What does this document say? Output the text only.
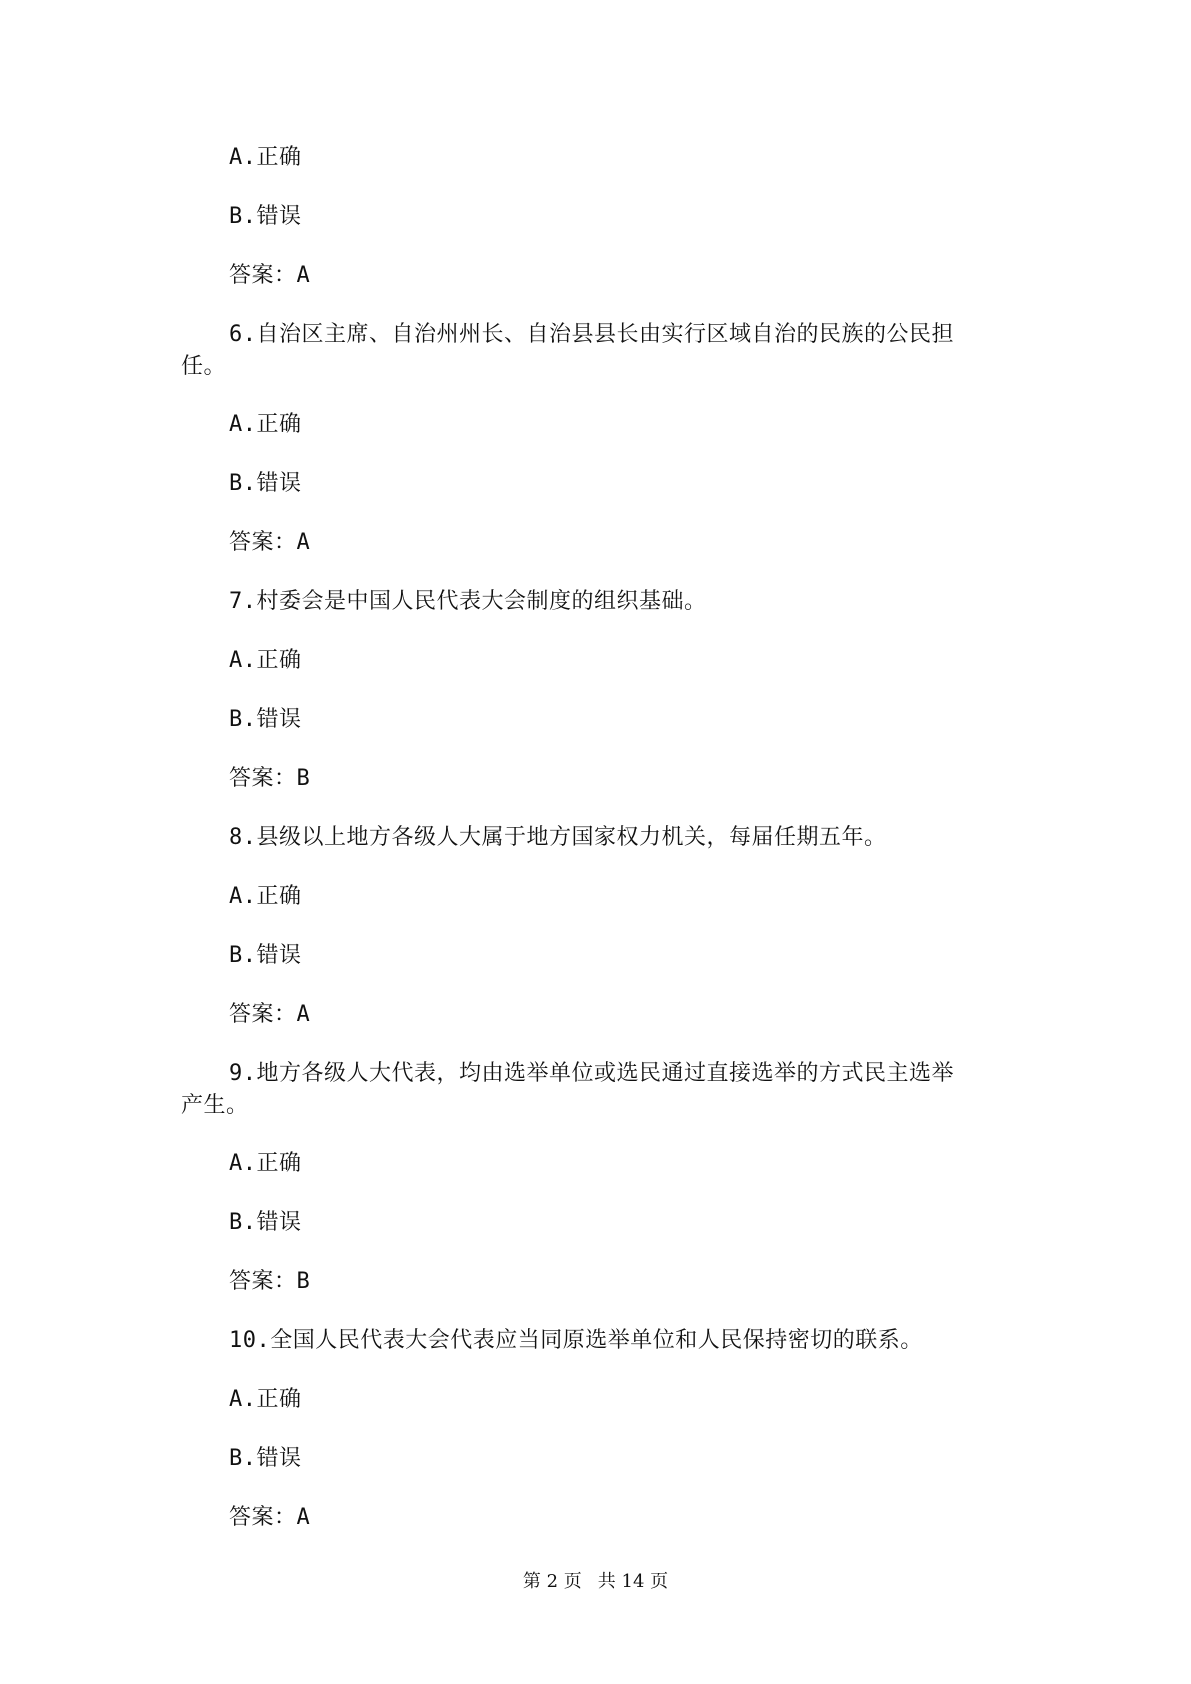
A.正确
B.错误
答案：A
6.自治区主席、自治州州长、自治县县长由实行区域自治的民族的公民担
任。
A.正确
B.错误
答案：A
7.村委会是中国人民代表大会制度的组织基础。
A.正确
B.错误
答案：B
8.县级以上地方各级人大属于地方国家权力机关，每届任期五年。
A.正确
B.错误
答案：A
9.地方各级人大代表，均由选举单位或选民通过直接选举的方式民主选举
产生。
A.正确
B.错误
答案：B
10.全国人民代表大会代表应当同原选举单位和人民保持密切的联系。
A.正确
B.错误
答案：A
第 2 页 共 14 页
